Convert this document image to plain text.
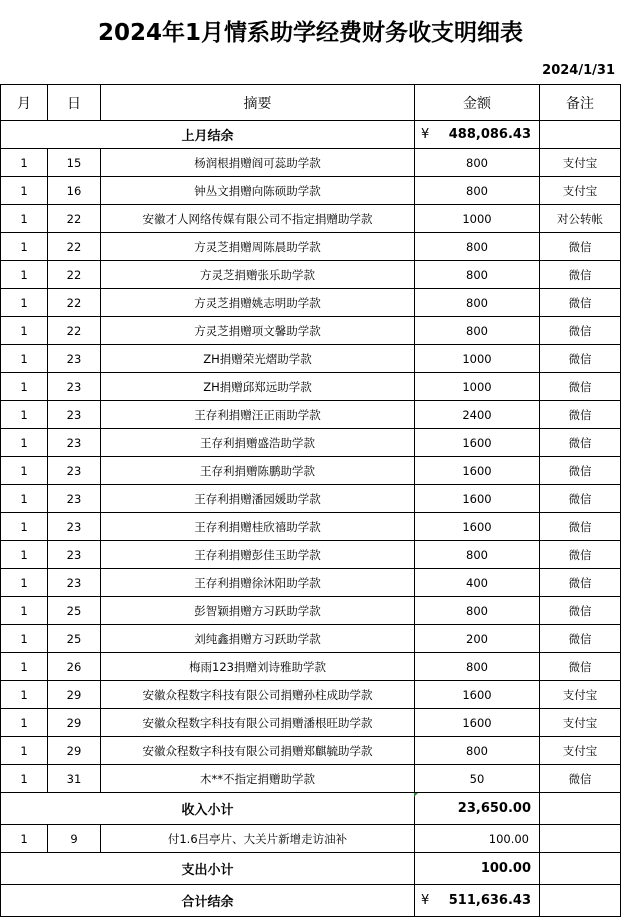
2024年1月情系助学经费财务收支明细表
2024/1/31
月	日	摘要	金额	备注
上月结余			¥ 488,086.43	
1	15	杨润根捐赠阎可蕊助学款	800	支付宝
1	16	钟丛文捐赠向陈硕助学款	800	支付宝
1	22	安徽才人网络传媒有限公司不指定捐赠助学款	1000	对公转帐
1	22	方灵芝捐赠周陈晨助学款	800	微信
1	22	方灵芝捐赠张乐助学款	800	微信
1	22	方灵芝捐赠姚志明助学款	800	微信
1	22	方灵芝捐赠项文馨助学款	800	微信
1	23	ZH捐赠荣光熠助学款	1000	微信
1	23	ZH捐赠邱郑远助学款	1000	微信
1	23	王存利捐赠汪正雨助学款	2400	微信
1	23	王存利捐赠盛浩助学款	1600	微信
1	23	王存利捐赠陈鹏助学款	1600	微信
1	23	王存利捐赠潘园媛助学款	1600	微信
1	23	王存利捐赠桂欣禧助学款	1600	微信
1	23	王存利捐赠彭佳玉助学款	800	微信
1	23	王存利捐赠徐沐阳助学款	400	微信
1	25	彭智颖捐赠方习跃助学款	800	微信
1	25	刘纯鑫捐赠方习跃助学款	200	微信
1	26	梅雨123捐赠刘诗雅助学款	800	微信
1	29	安徽众程数字科技有限公司捐赠孙柱成助学款	1600	支付宝
1	29	安徽众程数字科技有限公司捐赠潘根旺助学款	1600	支付宝
1	29	安徽众程数字科技有限公司捐赠郑麒毓助学款	800	支付宝
1	31	木**不指定捐赠助学款	50	微信
收入小计			23,650.00	
1	9	付1.6吕亭片、大关片新增走访油补	100.00	
支出小计			100.00	
合计结余			¥ 511,636.43	
